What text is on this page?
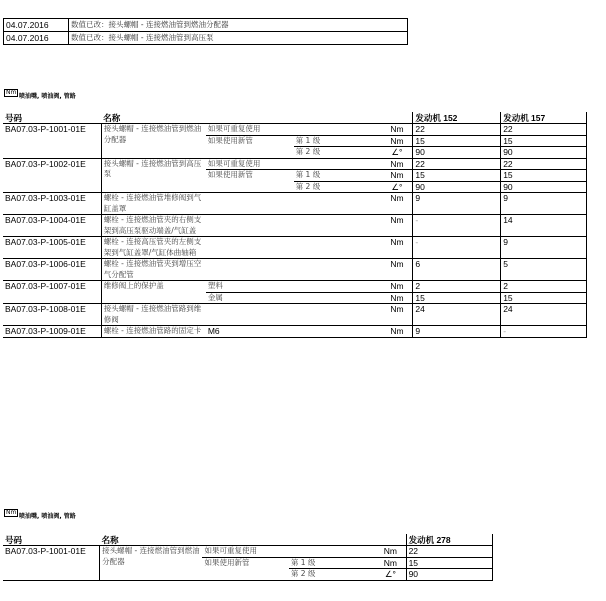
04.07.2016	数值已改：接头螺帽 - 连接燃油管到燃油分配器
04.07.2016	数值已改：接头螺帽 - 连接燃油管到高压泵
Nm
喷油嘴, 喷油阀, 管路
号码	名称				发动机 152	发动机 157
BA07.03-P-1001-01E	接头螺帽 - 连接燃油管到燃油分配器	如果可重复使用		Nm	22	22
		如果使用新管	第 1 级	Nm	15	15
			第 2 级	∠°	90	90
BA07.03-P-1002-01E	接头螺帽 - 连接燃油管到高压泵	如果可重复使用		Nm	22	22
		如果使用新管	第 1 级	Nm	15	15
			第 2 级	∠°	90	90
BA07.03-P-1003-01E	螺栓 - 连接燃油管堆修阀到气缸盖罩			Nm	9	9
BA07.03-P-1004-01E	螺栓 - 连接燃油管夹的右侧支架到高压泵驱动端盖/气缸盖			Nm	-	14
BA07.03-P-1005-01E	螺栓 - 连接高压管夹的左侧支架到气缸盖罩/气缸体曲轴箱			Nm	-	9
BA07.03-P-1006-01E	螺栓 - 连接燃油管夹到增压空气分配管			Nm	6	5
BA07.03-P-1007-01E	维修阀上的保护盖	塑料		Nm	2	2
		金属		Nm	15	15
BA07.03-P-1008-01E	接头螺帽 - 连接燃油管路到维修阀			Nm	24	24
BA07.03-P-1009-01E	螺栓 - 连接燃油管路的固定卡	M6		Nm	9	-
Nm
喷油嘴, 喷油阀, 管路
号码	名称				发动机 278
BA07.03-P-1001-01E	接头螺帽 - 连接燃油管到燃油分配器	如果可重复使用		Nm	22
		如果使用新管	第 1 级	Nm	15
			第 2 级	∠°	90
